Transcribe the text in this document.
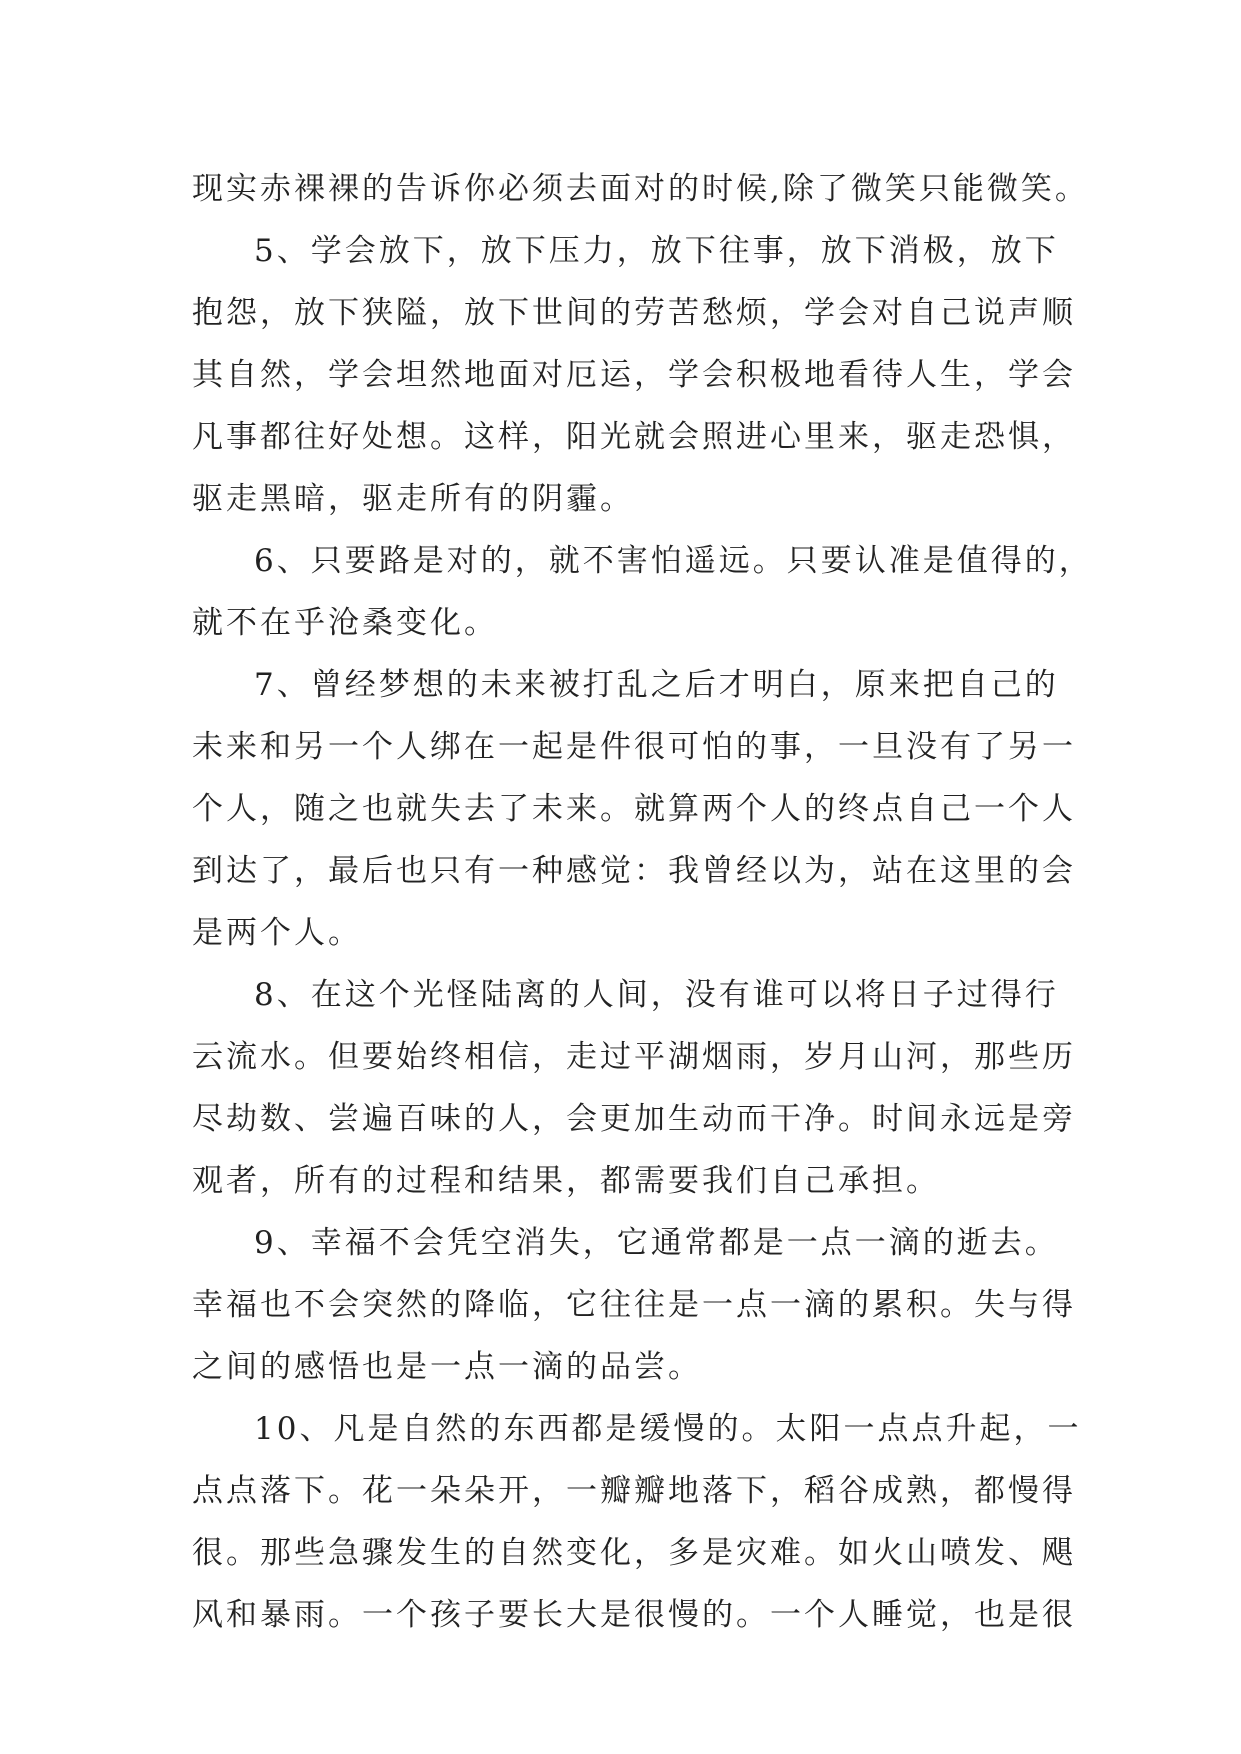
现实赤裸裸的告诉你必须去面对的时候,除了微笑只能微笑。
5、学会放下，放下压力，放下往事，放下消极，放下
抱怨，放下狭隘，放下世间的劳苦愁烦，学会对自己说声顺
其自然，学会坦然地面对厄运，学会积极地看待人生，学会
凡事都往好处想。这样，阳光就会照进心里来，驱走恐惧，
驱走黑暗，驱走所有的阴霾。
6、只要路是对的，就不害怕遥远。只要认准是值得的，
就不在乎沧桑变化。
7、曾经梦想的未来被打乱之后才明白，原来把自己的
未来和另一个人绑在一起是件很可怕的事，一旦没有了另一
个人，随之也就失去了未来。就算两个人的终点自己一个人
到达了，最后也只有一种感觉：我曾经以为，站在这里的会
是两个人。
8、在这个光怪陆离的人间，没有谁可以将日子过得行
云流水。但要始终相信，走过平湖烟雨，岁月山河，那些历
尽劫数、尝遍百味的人，会更加生动而干净。时间永远是旁
观者，所有的过程和结果，都需要我们自己承担。
9、幸福不会凭空消失，它通常都是一点一滴的逝去。
幸福也不会突然的降临，它往往是一点一滴的累积。失与得
之间的感悟也是一点一滴的品尝。
10、凡是自然的东西都是缓慢的。太阳一点点升起，一
点点落下。花一朵朵开，一瓣瓣地落下，稻谷成熟，都慢得
很。那些急骤发生的自然变化，多是灾难。如火山喷发、飓
风和暴雨。一个孩子要长大是很慢的。一个人睡觉，也是很
